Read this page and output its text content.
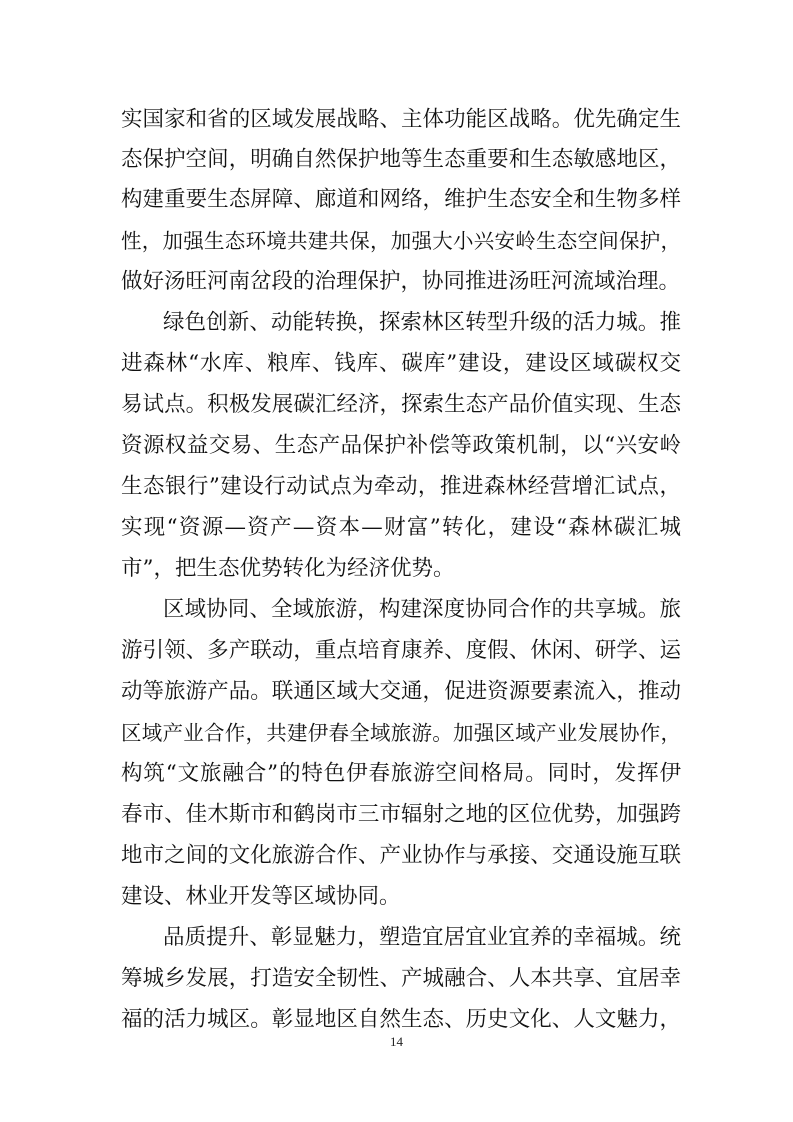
实国家和省的区域发展战略、主体功能区战略。优先确定生
态保护空间，明确自然保护地等生态重要和生态敏感地区，
构建重要生态屏障、廊道和网络，维护生态安全和生物多样
性，加强生态环境共建共保，加强大小兴安岭生态空间保护，
做好汤旺河南岔段的治理保护，协同推进汤旺河流域治理。
绿色创新、动能转换，探索林区转型升级的活力城。推
进森林“水库、粮库、钱库、碳库”建设，建设区域碳权交
易试点。积极发展碳汇经济，探索生态产品价值实现、生态
资源权益交易、生态产品保护补偿等政策机制，以“兴安岭
生态银行”建设行动试点为牵动，推进森林经营增汇试点，
实现“资源—资产—资本—财富”转化，建设“森林碳汇城
市”，把生态优势转化为经济优势。
区域协同、全域旅游，构建深度协同合作的共享城。旅
游引领、多产联动，重点培育康养、度假、休闲、研学、运
动等旅游产品。联通区域大交通，促进资源要素流入，推动
区域产业合作，共建伊春全域旅游。加强区域产业发展协作，
构筑“文旅融合”的特色伊春旅游空间格局。同时，发挥伊
春市、佳木斯市和鹤岗市三市辐射之地的区位优势，加强跨
地市之间的文化旅游合作、产业协作与承接、交通设施互联
建设、林业开发等区域协同。
品质提升、彰显魅力，塑造宜居宜业宜养的幸福城。统
筹城乡发展，打造安全韧性、产城融合、人本共享、宜居幸
福的活力城区。彰显地区自然生态、历史文化、人文魅力，
14
